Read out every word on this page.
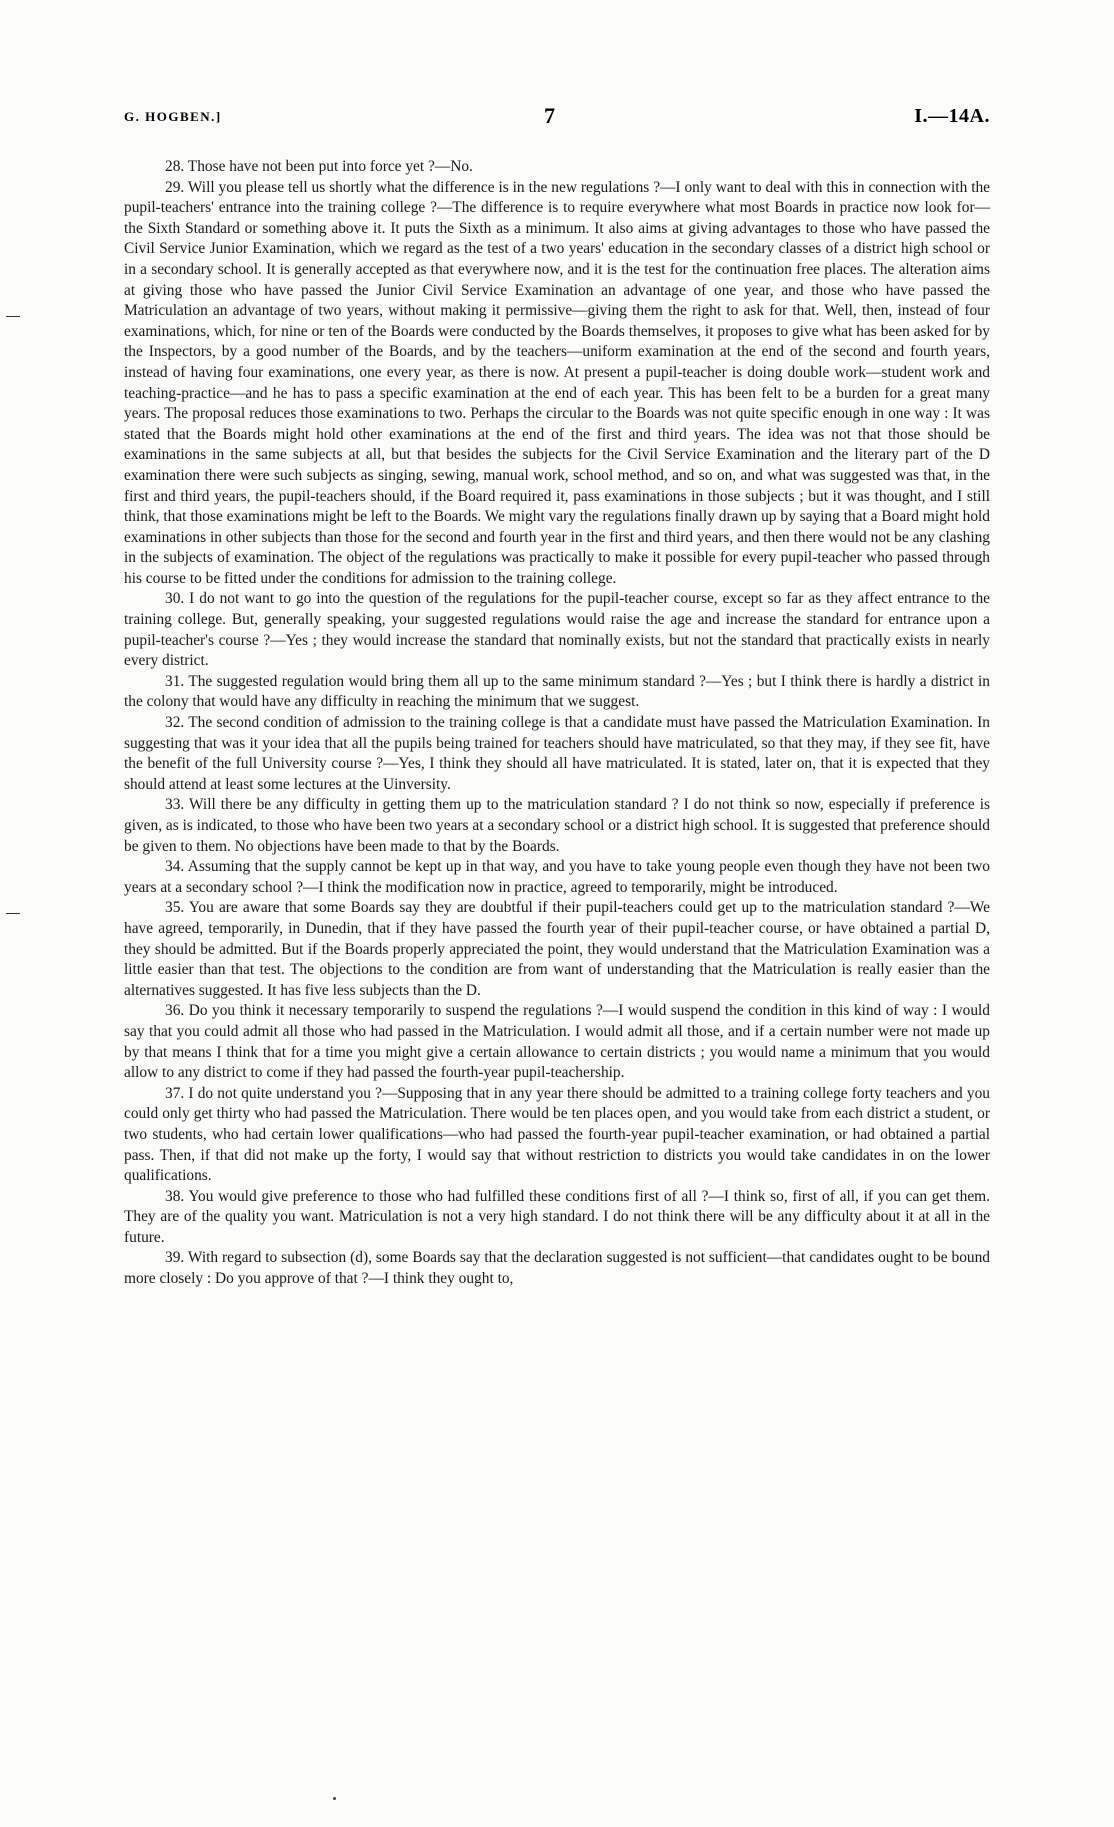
G. HOGBEN.]	7	I.—14A.

28. Those have not been put into force yet ?—No.

29. Will you please tell us shortly what the difference is in the new regulations ?—I only want to deal with this in connection with the pupil-teachers' entrance into the training college ?—The difference is to require everywhere what most Boards in practice now look for—the Sixth Standard or something above it. It puts the Sixth as a minimum. It also aims at giving advantages to those who have passed the Civil Service Junior Examination, which we regard as the test of a two years' education in the secondary classes of a district high school or in a secondary school. It is generally accepted as that everywhere now, and it is the test for the continuation free places. The alteration aims at giving those who have passed the Junior Civil Service Examination an advantage of one year, and those who have passed the Matriculation an advantage of two years, without making it permissive—giving them the right to ask for that. Well, then, instead of four examinations, which, for nine or ten of the Boards were conducted by the Boards themselves, it proposes to give what has been asked for by the Inspectors, by a good number of the Boards, and by the teachers—uniform examination at the end of the second and fourth years, instead of having four examinations, one every year, as there is now. At present a pupil-teacher is doing double work—student work and teaching-practice—and he has to pass a specific examination at the end of each year. This has been felt to be a burden for a great many years. The proposal reduces those examinations to two. Perhaps the circular to the Boards was not quite specific enough in one way : It was stated that the Boards might hold other examinations at the end of the first and third years. The idea was not that those should be examinations in the same subjects at all, but that besides the subjects for the Civil Service Examination and the literary part of the D examination there were such subjects as singing, sewing, manual work, school method, and so on, and what was suggested was that, in the first and third years, the pupil-teachers should, if the Board required it, pass examinations in those subjects ; but it was thought, and I still think, that those examinations might be left to the Boards. We might vary the regulations finally drawn up by saying that a Board might hold examinations in other subjects than those for the second and fourth year in the first and third years, and then there would not be any clashing in the subjects of examination. The object of the regulations was practically to make it possible for every pupil-teacher who passed through his course to be fitted under the conditions for admission to the training college.

30. I do not want to go into the question of the regulations for the pupil-teacher course, except so far as they affect entrance to the training college. But, generally speaking, your suggested regulations would raise the age and increase the standard for entrance upon a pupil-teacher's course ?—Yes ; they would increase the standard that nominally exists, but not the standard that practically exists in nearly every district.

31. The suggested regulation would bring them all up to the same minimum standard ?—Yes ; but I think there is hardly a district in the colony that would have any difficulty in reaching the minimum that we suggest.

32. The second condition of admission to the training college is that a candidate must have passed the Matriculation Examination. In suggesting that was it your idea that all the pupils being trained for teachers should have matriculated, so that they may, if they see fit, have the benefit of the full University course ?—Yes, I think they should all have matriculated. It is stated, later on, that it is expected that they should attend at least some lectures at the Uinversity.

33. Will there be any difficulty in getting them up to the matriculation standard ? I do not think so now, especially if preference is given, as is indicated, to those who have been two years at a secondary school or a district high school. It is suggested that preference should be given to them. No objections have been made to that by the Boards.

34. Assuming that the supply cannot be kept up in that way, and you have to take young people even though they have not been two years at a secondary school ?—I think the modification now in practice, agreed to temporarily, might be introduced.

35. You are aware that some Boards say they are doubtful if their pupil-teachers could get up to the matriculation standard ?—We have agreed, temporarily, in Dunedin, that if they have passed the fourth year of their pupil-teacher course, or have obtained a partial D, they should be admitted. But if the Boards properly appreciated the point, they would understand that the Matriculation Examination was a little easier than that test. The objections to the condition are from want of understanding that the Matriculation is really easier than the alternatives suggested. It has five less subjects than the D.

36. Do you think it necessary temporarily to suspend the regulations ?—I would suspend the condition in this kind of way : I would say that you could admit all those who had passed in the Matriculation. I would admit all those, and if a certain number were not made up by that means I think that for a time you might give a certain allowance to certain districts ; you would name a minimum that you would allow to any district to come if they had passed the fourth-year pupil-teachership.

37. I do not quite understand you ?—Supposing that in any year there should be admitted to a training college forty teachers and you could only get thirty who had passed the Matriculation. There would be ten places open, and you would take from each district a student, or two students, who had certain lower qualifications—who had passed the fourth-year pupil-teacher examination, or had obtained a partial pass. Then, if that did not make up the forty, I would say that without restriction to districts you would take candidates in on the lower qualifications.

38. You would give preference to those who had fulfilled these conditions first of all ?—I think so, first of all, if you can get them. They are of the quality you want. Matriculation is not a very high standard. I do not think there will be any difficulty about it at all in the future.

39. With regard to subsection (d), some Boards say that the declaration suggested is not sufficient—that candidates ought to be bound more closely : Do you approve of that ?—I think they ought to,
